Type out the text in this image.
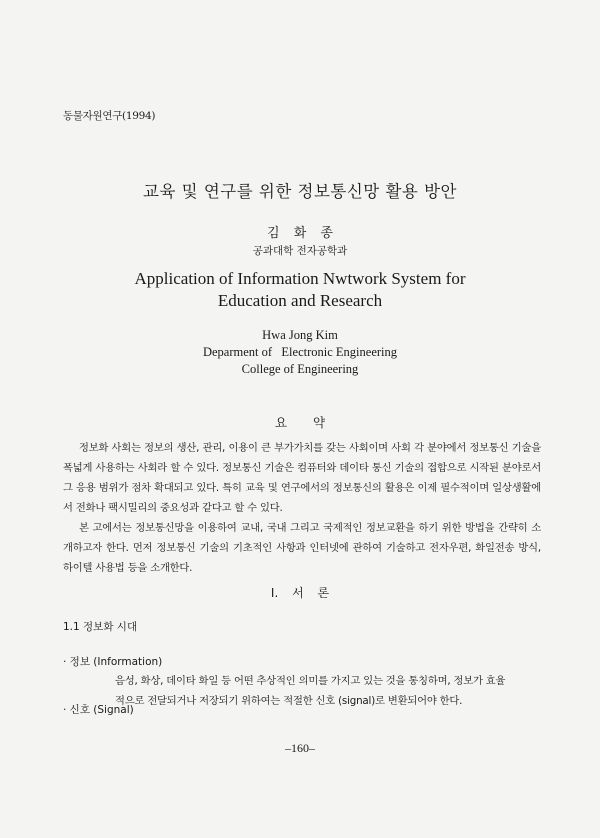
동물자원연구(1994)
교육 및 연구를 위한 정보통신망 활용 방안
김 화 종
공과대학 전자공학과
Application of Information Nwtwork System for
Education and Research
Hwa Jong Kim
Deparment of   Electronic Engineering
College of Engineering
요 약

정보화 사회는 정보의 생산, 관리, 이용이 큰 부가가치를 갖는 사회이며 사회 각 분야에서 정보통신 기술을 폭넓게 사용하는 사회라 할 수 있다. 정보통신 기술은 컴퓨터와 데이타 통신 기술의 접합으로 시작된 분야로서 그 응용 범위가 점차 확대되고 있다. 특히 교육 및 연구에서의 정보통신의 활용은 이제 필수적이며 일상생활에서 전화나 팩시밀리의 중요성과 같다고 할 수 있다.

본 고에서는 정보통신망을 이용하여 교내, 국내 그리고 국제적인 정보교환을 하기 위한 방법을 간략히 소개하고자 한다. 먼저 정보통신 기술의 기초적인 사항과 인터넷에 관하여 기술하고 전자우편, 화일전송 방식, 하이텔 사용법 등을 소개한다.

I. 서 론
1.1 정보화 시대
· 정보 (Information)
음성, 화상, 데이타 화일 등 어떤 추상적인 의미를 가지고 있는 것을 통칭하며, 정보가 효율
적으로 전달되거나 저장되기 위하여는 적절한 신호 (signal)로 변환되어야 한다.
· 신호 (Signal)
–160–
